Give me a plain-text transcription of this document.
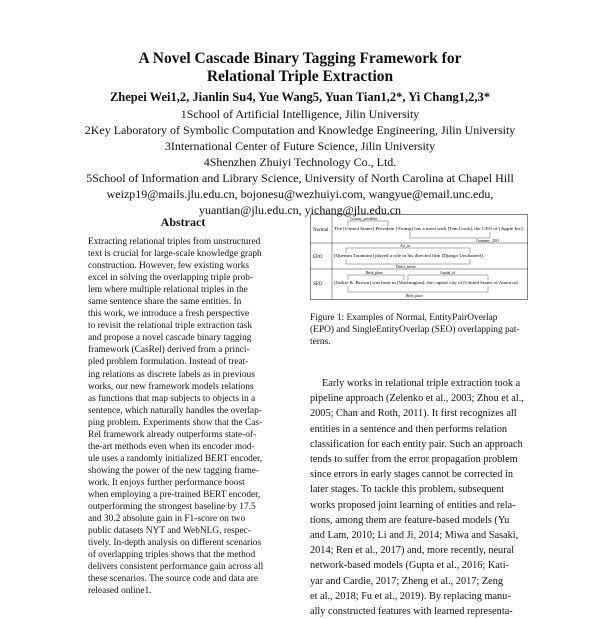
A Novel Cascade Binary Tagging Framework for
Relational Triple Extraction
Zhepei Wei1,2, Jianlin Su4, Yue Wang5, Yuan Tian1,2*, Yi Chang1,2,3*
1School of Artificial Intelligence, Jilin University
2Key Laboratory of Symbolic Computation and Knowledge Engineering, Jilin University
3International Center of Future Science, Jilin University
4Shenzhen Zhuiyi Technology Co., Ltd.
5School of Information and Library Science, University of North Carolina at Chapel Hill
weizp19@mails.jlu.edu.cn, bojonesu@wezhuiyi.com, wangyue@email.unc.edu,
yuantian@jlu.edu.cn, yichang@jlu.edu.cn
Abstract
Extracting relational triples from unstructured
text is crucial for large-scale knowledge graph
construction. However, few existing works
excel in solving the overlapping triple prob-
lem where multiple relational triples in the
same sentence share the same entities. In
this work, we introduce a fresh perspective
to revisit the relational triple extraction task
and propose a novel cascade binary tagging
framework (CasRel) derived from a princi-
pled problem formulation. Instead of treat-
ing relations as discrete labels as in previous
works, our new framework models relations
as functions that map subjects to objects in a
sentence, which naturally handles the overlap-
ping problem. Experiments show that the Cas-
Rel framework already outperforms state-of-
the-art methods even when its encoder mod-
ule uses a randomly initialized BERT encoder,
showing the power of the new tagging frame-
work. It enjoys further performance boost
when employing a pre-trained BERT encoder,
outperforming the strongest baseline by 17.5
and 30.2 absolute gain in F1-score on two
public datasets NYT and WebNLG, respec-
tively. In-depth analysis on different scenarios
of overlapping triples shows that the method
delivers consistent performance gain across all
these scenarios. The source code and data are
released online1.
Normal
EPO
SEO
The [United States] President [Trump] has a meet with [Tim Cook], the CEO of [Apple Inc].
Country_president
Company_CEO
[Quentin Tarantino] played a role in his directed film [Django Unchained].
Act_in
Direct_movie
[Jackie R. Brown] was born in [Washington], the capital city of [United States of America].
Birth_place	Capital_of
Birth_place
Figure 1: Examples of Normal, EntityPairOverlap
(EPO) and SingleEntityOverlap (SEO) overlapping pat-
terns.
Early works in relational triple extraction took a
pipeline approach (Zelenko et al., 2003; Zhou et al.,
2005; Chan and Roth, 2011). It first recognizes all
entities in a sentence and then performs relation
classification for each entity pair. Such an approach
tends to suffer from the error propagation problem
since errors in early stages cannot be corrected in
later stages. To tackle this problem, subsequent
works proposed joint learning of entities and rela-
tions, among them are feature-based models (Yu
and Lam, 2010; Li and Ji, 2014; Miwa and Sasaki,
2014; Ren et al., 2017) and, more recently, neural
network-based models (Gupta et al., 2016; Kati-
yar and Cardie, 2017; Zheng et al., 2017; Zeng
et al., 2018; Fu et al., 2019). By replacing manu-
ally constructed features with learned representa-
